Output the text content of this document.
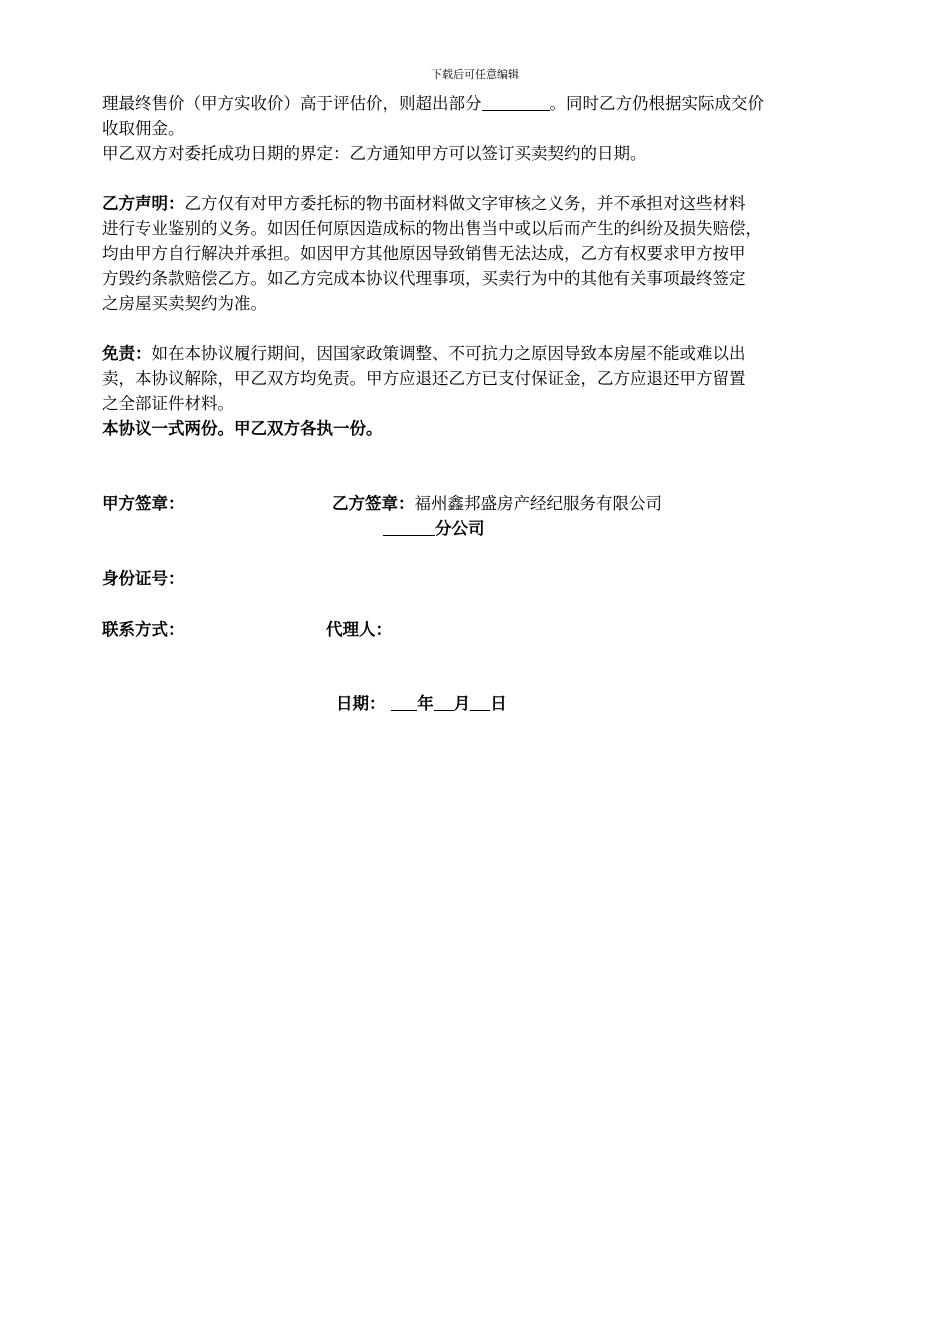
下载后可任意编辑

理最终售价（甲方实收价）高于评估价，则超出部分	。同时乙方仍根据实际成交价

收取佣金。

甲乙双方对委托成功日期的界定：乙方通知甲方可以签订买卖契约的日期。

乙方声明：乙方仅有对甲方委托标的物书面材料做文字审核之义务，并不承担对这些材料

进行专业鉴别的义务。如因任何原因造成标的物出售当中或以后而产生的纠纷及损失赔偿，

均由甲方自行解决并承担。如因甲方其他原因导致销售无法达成，乙方有权要求甲方按甲

方毁约条款赔偿乙方。如乙方完成本协议代理事项，买卖行为中的其他有关事项最终签定

之房屋买卖契约为准。

免责：如在本协议履行期间，因国家政策调整、不可抗力之原因导致本房屋不能或难以出

卖，本协议解除，甲乙双方均免责。甲方应退还乙方已支付保证金，乙方应退还甲方留置

之全部证件材料。

本协议一式两份。甲乙双方各执一份。

甲方签章：	乙方签章：福州鑫邦盛房产经纪服务有限公司
分公司
身份证号：
联系方式：	代理人：
日期： 年 月 日
